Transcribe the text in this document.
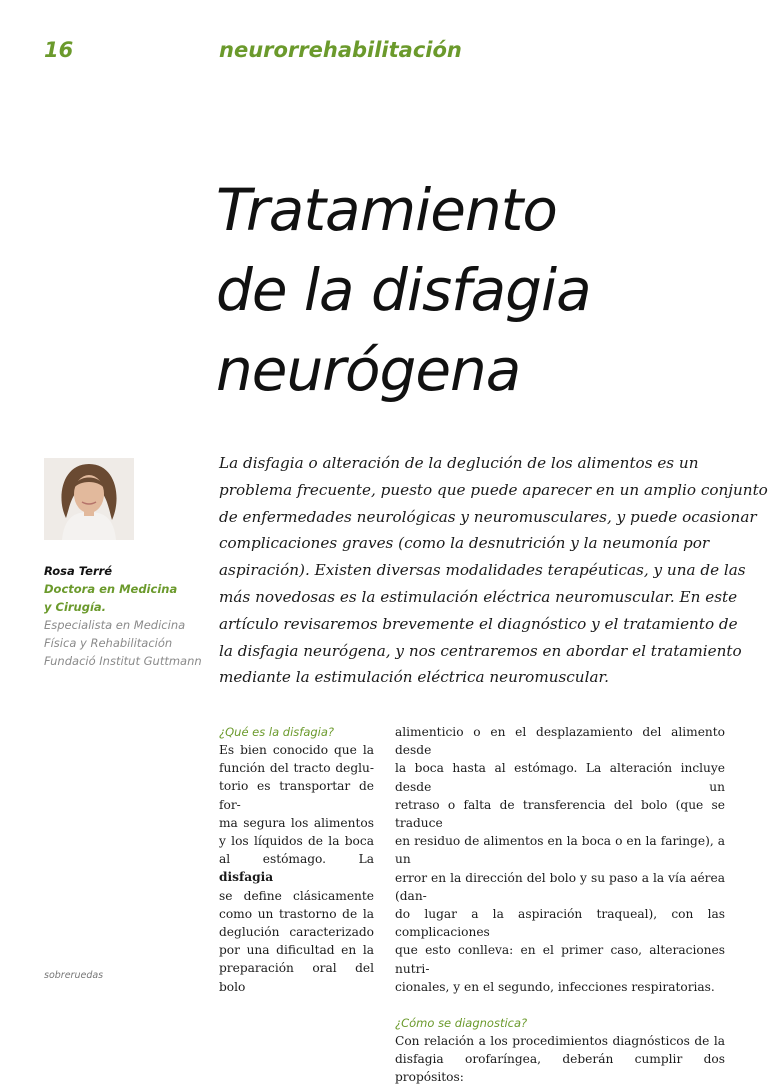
16	neurorrehabilitación
Tratamiento
de la disfagia
neurógena
Rosa Terré
Doctora en Medicina
y Cirugía.
Especialista en Medicina
Física y Rehabilitación
Fundació Institut Guttmann
La disfagia o alteración de la deglución de los alimentos es un
problema frecuente, puesto que puede aparecer en un amplio conjunto
de enfermedades neurológicas y neuromusculares, y puede ocasionar
complicaciones graves (como la desnutrición y la neumonía por
aspiración). Existen diversas modalidades terapéuticas, y una de las
más novedosas es la estimulación eléctrica neuromuscular. En este
artículo revisaremos brevemente el diagnóstico y el tratamiento de
la disfagia neurógena, y nos centraremos en abordar el tratamiento
mediante la estimulación eléctrica neuromuscular.
¿Qué es la disfagia?
Es bien conocido que la
función del tracto deglu-
torio es transportar de for-
ma segura los alimentos
y los líquidos de la boca
al estómago. La disfagia
se define clásicamente
como un trastorno de la
deglución caracterizado
por una dificultad en la
preparación oral del bolo
alimenticio o en el desplazamiento del alimento desde
la boca hasta al estómago. La alteración incluye desde un
retraso o falta de transferencia del bolo (que se traduce
en residuo de alimentos en la boca o en la faringe), a un
error en la dirección del bolo y su paso a la vía aérea (dan-
do lugar a la aspiración traqueal), con las complicaciones
que esto conlleva: en el primer caso, alteraciones nutri-
cionales, y en el segundo, infecciones respiratorias.
¿Cómo se diagnostica?
Con relación a los procedimientos diagnósticos de la
disfagia orofaríngea, deberán cumplir dos propósitos:
sobreruedas
